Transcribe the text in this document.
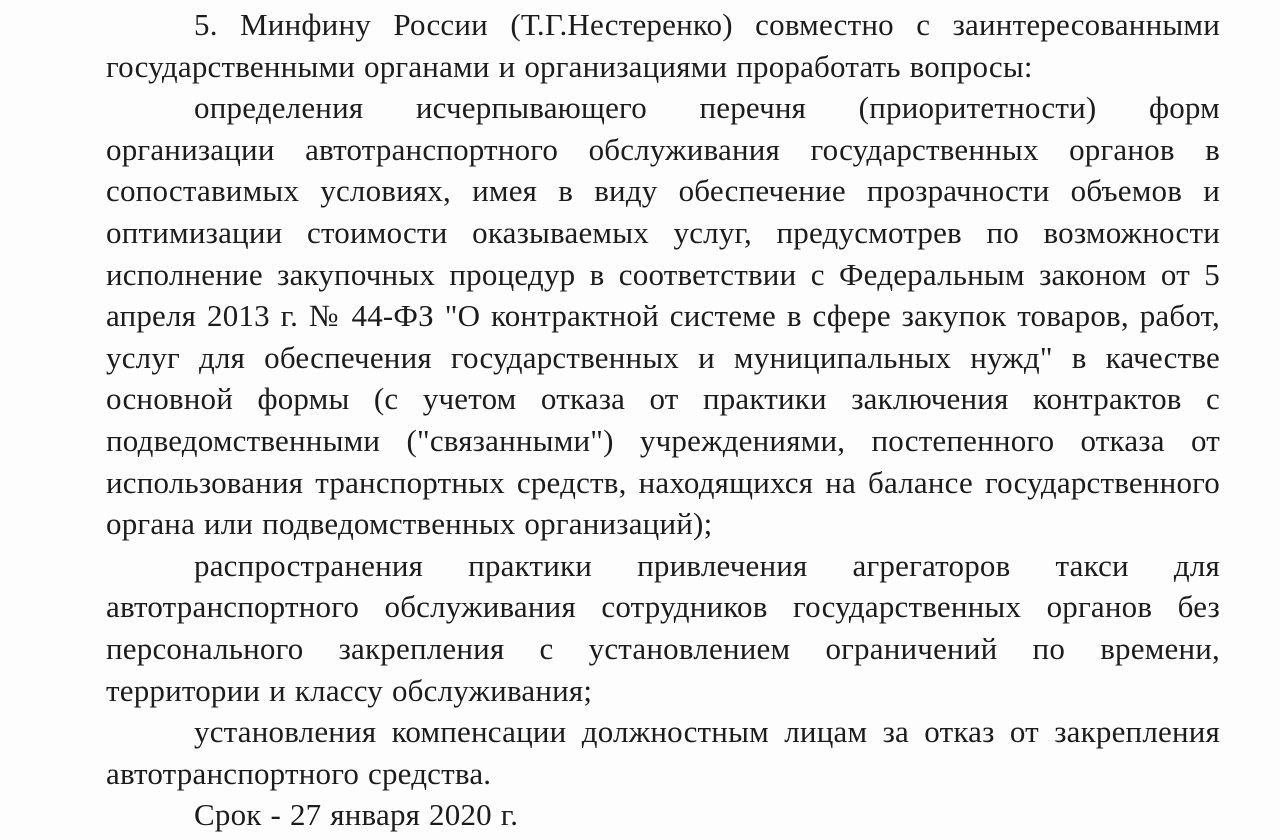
5. Минфину России (Т.Г.Нестеренко) совместно с заинтересованными государственными органами и организациями проработать вопросы:

определения исчерпывающего перечня (приоритетности) форм организации автотранспортного обслуживания государственных органов в сопоставимых условиях, имея в виду обеспечение прозрачности объемов и оптимизации стоимости оказываемых услуг, предусмотрев по возможности исполнение закупочных процедур в соответствии с Федеральным законом от 5 апреля 2013 г. № 44-ФЗ "О контрактной системе в сфере закупок товаров, работ, услуг для обеспечения государственных и муниципальных нужд" в качестве основной формы (с учетом отказа от практики заключения контрактов с подведомственными ("связанными") учреждениями, постепенного отказа от использования транспортных средств, находящихся на балансе государственного органа или подведомственных организаций);

распространения практики привлечения агрегаторов такси для автотранспортного обслуживания сотрудников государственных органов без персонального закрепления с установлением ограничений по времени, территории и классу обслуживания;

установления компенсации должностным лицам за отказ от закрепления автотранспортного средства.

Срок - 27 января 2020 г.
